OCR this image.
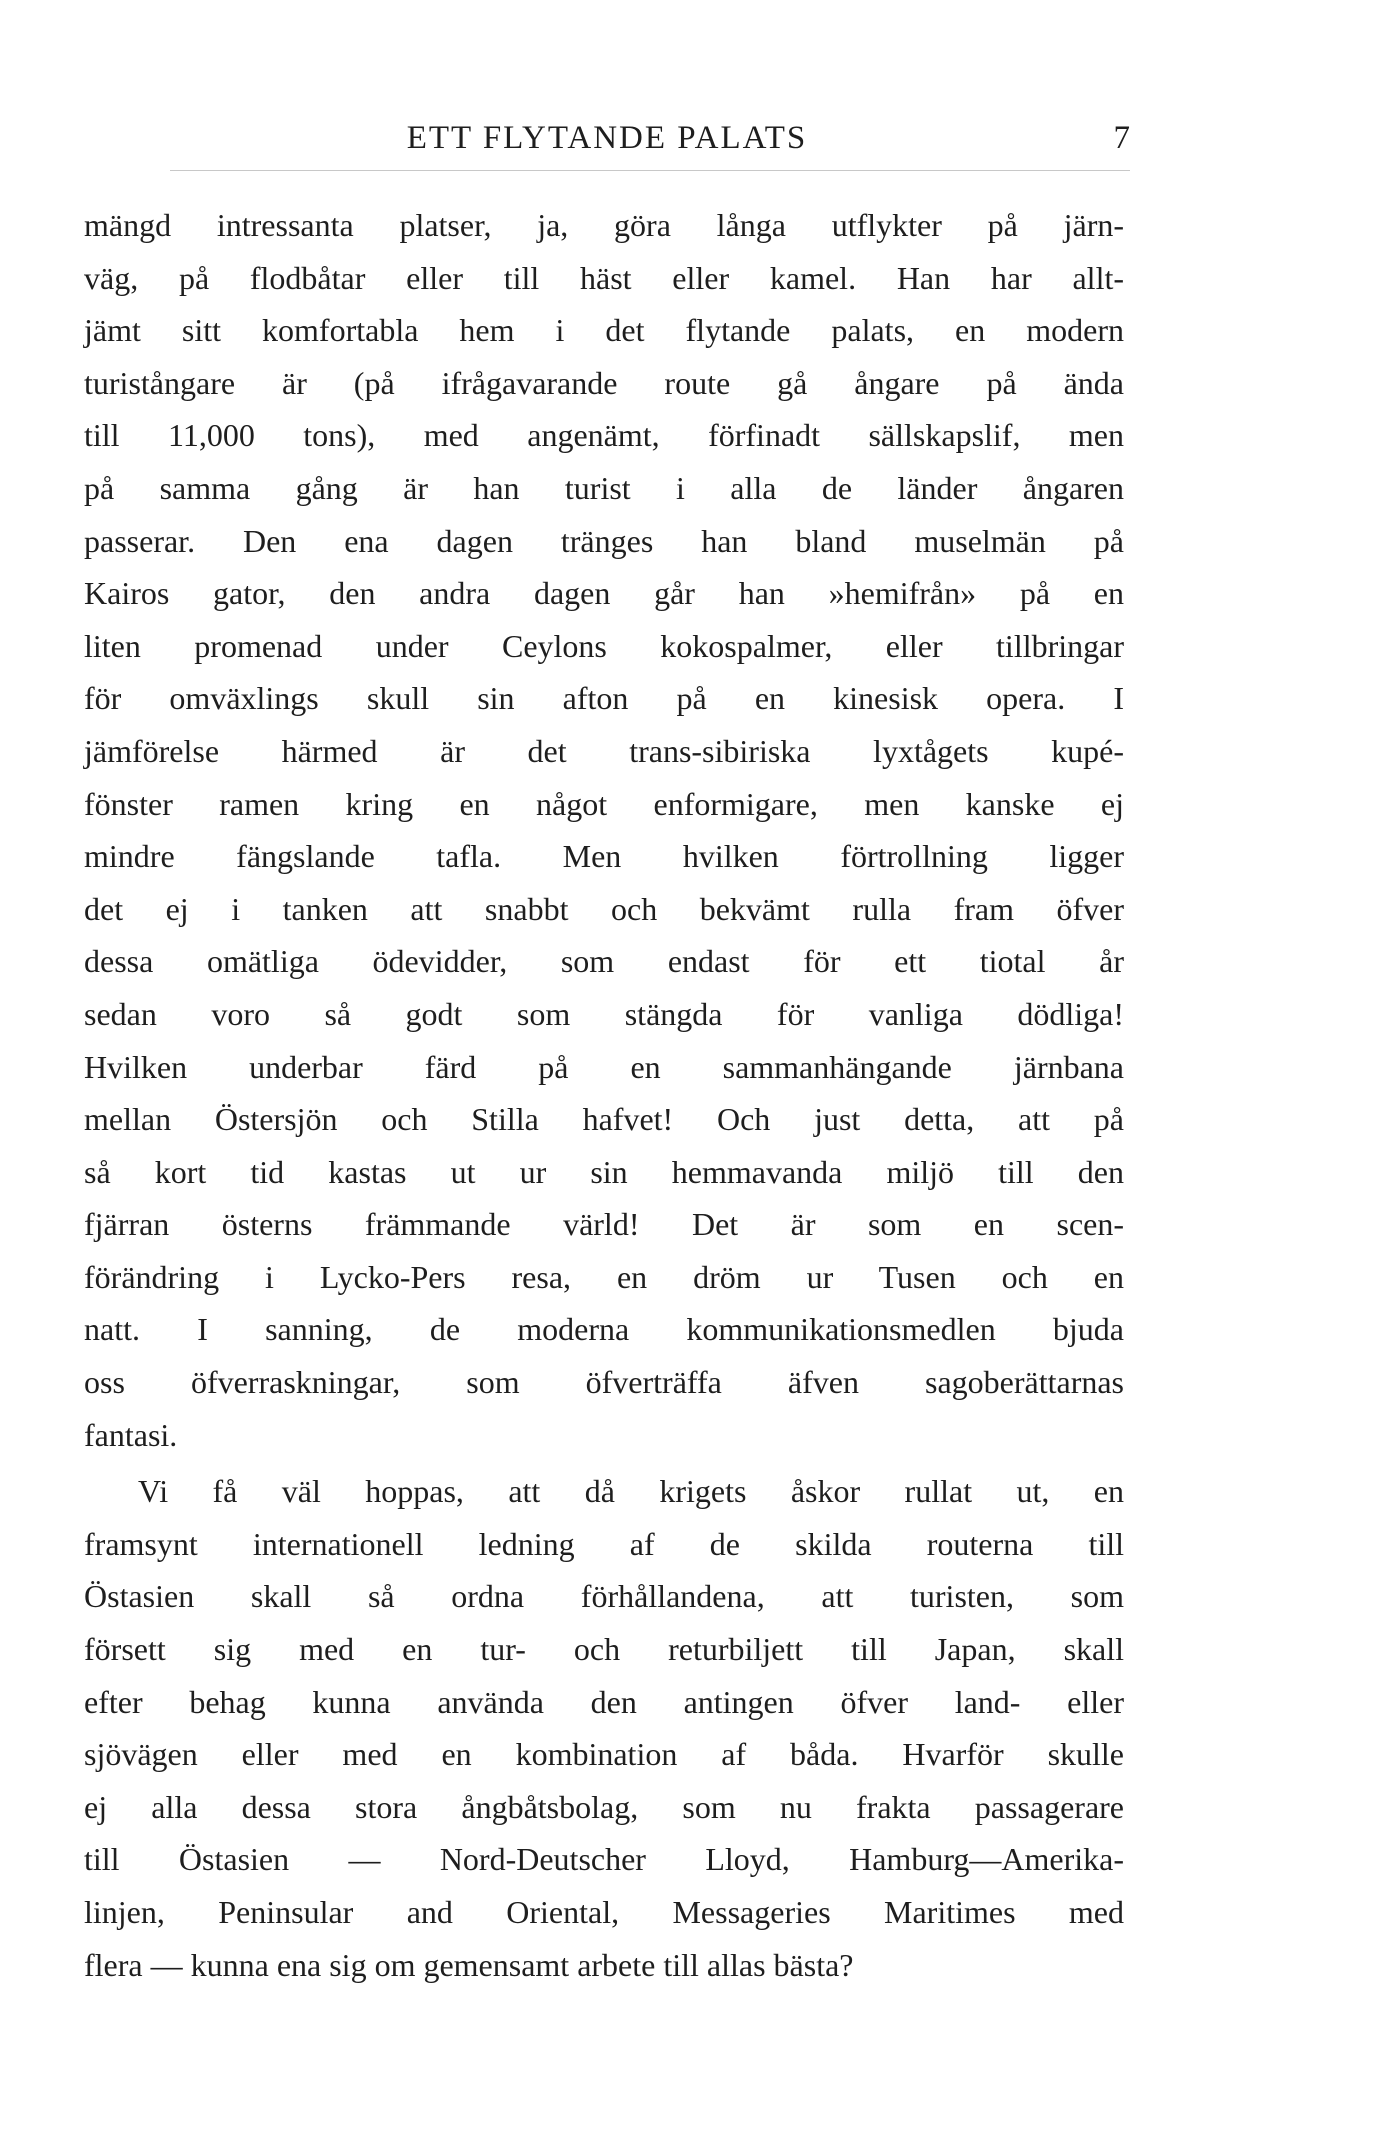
ETT FLYTANDE PALATS	7
mängd intressanta platser, ja, göra långa utflykter på järn-
väg, på flodbåtar eller till häst eller kamel. Han har allt-
jämt sitt komfortabla hem i det flytande palats, en modern
turistångare är (på ifrågavarande route gå ångare på ända
till 11,000 tons), med angenämt, förfinadt sällskapslif, men
på samma gång är han turist i alla de länder ångaren
passerar. Den ena dagen tränges han bland muselmän på
Kairos gator, den andra dagen går han »hemifrån» på en
liten promenad under Ceylons kokospalmer, eller tillbringar
för omväxlings skull sin afton på en kinesisk opera. I
jämförelse härmed är det trans-sibiriska lyxtågets kupé-
fönster ramen kring en något enformigare, men kanske ej
mindre fängslande tafla. Men hvilken förtrollning ligger
det ej i tanken att snabbt och bekvämt rulla fram öfver
dessa omätliga ödevidder, som endast för ett tiotal år
sedan voro så godt som stängda för vanliga dödliga!
Hvilken underbar färd på en sammanhängande järnbana
mellan Östersjön och Stilla hafvet! Och just detta, att på
så kort tid kastas ut ur sin hemmavanda miljö till den
fjärran österns främmande värld! Det är som en scen-
förändring i Lycko-Pers resa, en dröm ur Tusen och en
natt. I sanning, de moderna kommunikationsmedlen bjuda
oss öfverraskningar, som öfverträffa äfven sagoberättarnas
fantasi.
Vi få väl hoppas, att då krigets åskor rullat ut, en
framsynt internationell ledning af de skilda routerna till
Östasien skall så ordna förhållandena, att turisten, som
försett sig med en tur- och returbiljett till Japan, skall
efter behag kunna använda den antingen öfver land- eller
sjövägen eller med en kombination af båda. Hvarför skulle
ej alla dessa stora ångbåtsbolag, som nu frakta passagerare
till Östasien — Nord-Deutscher Lloyd, Hamburg—Amerika-
linjen, Peninsular and Oriental, Messageries Maritimes med
flera — kunna ena sig om gemensamt arbete till allas bästa?
